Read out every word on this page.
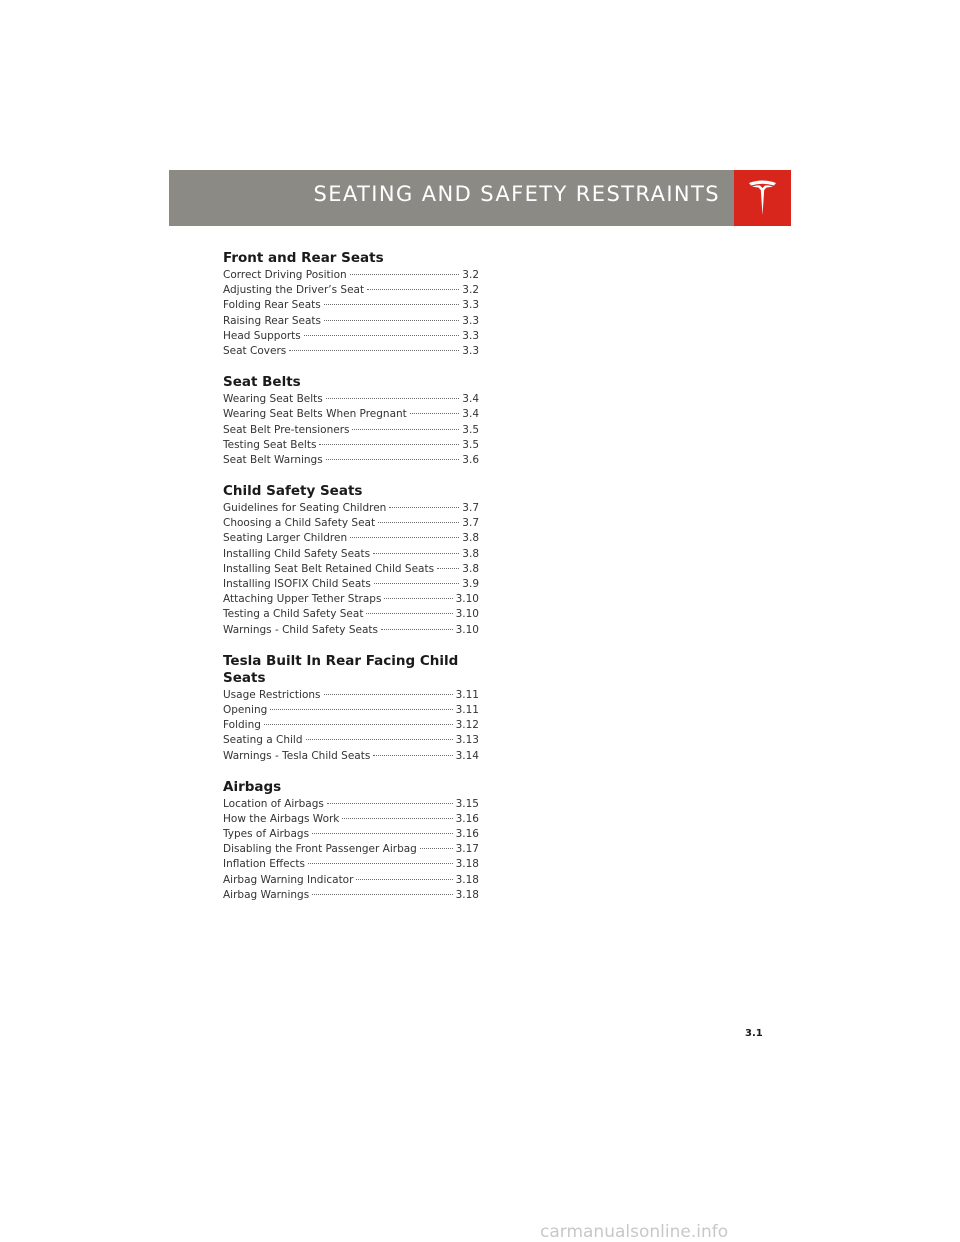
SEATING AND SAFETY RESTRAINTS
Front and Rear Seats
Correct Driving Position	3.2
Adjusting the Driver’s Seat	3.2
Folding Rear Seats	3.3
Raising Rear Seats	3.3
Head Supports	3.3
Seat Covers	3.3
Seat Belts
Wearing Seat Belts	3.4
Wearing Seat Belts When Pregnant	3.4
Seat Belt Pre-tensioners	3.5
Testing Seat Belts	3.5
Seat Belt Warnings	3.6
Child Safety Seats
Guidelines for Seating Children	3.7
Choosing a Child Safety Seat	3.7
Seating Larger Children	3.8
Installing Child Safety Seats	3.8
Installing Seat Belt Retained Child Seats	3.8
Installing ISOFIX Child Seats	3.9
Attaching Upper Tether Straps	3.10
Testing a Child Safety Seat	3.10
Warnings - Child Safety Seats	3.10
Tesla Built In Rear Facing Child Seats
Usage Restrictions	3.11
Opening	3.11
Folding	3.12
Seating a Child	3.13
Warnings - Tesla Child Seats	3.14
Airbags
Location of Airbags	3.15
How the Airbags Work	3.16
Types of Airbags	3.16
Disabling the Front Passenger Airbag	3.17
Inflation Effects	3.18
Airbag Warning Indicator	3.18
Airbag Warnings	3.18
3.1
carmanualsonline.info
